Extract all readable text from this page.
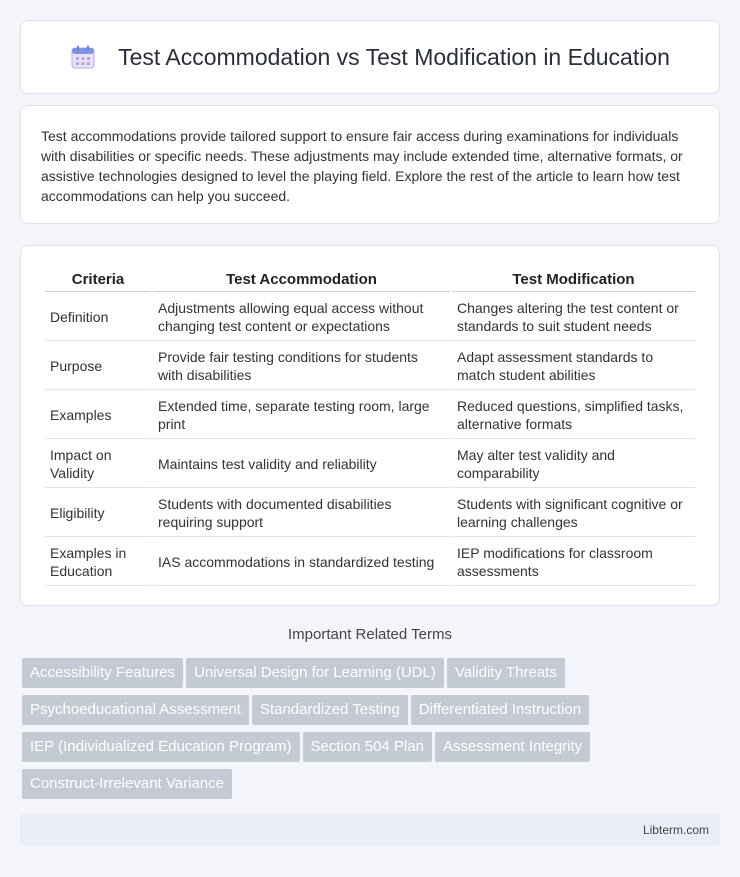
Test Accommodation vs Test Modification in Education

Test accommodations provide tailored support to ensure fair access during examinations for individuals with disabilities or specific needs. These adjustments may include extended time, alternative formats, or assistive technologies designed to level the playing field. Explore the rest of the article to learn how test accommodations can help you succeed.

Criteria	Test Accommodation	Test Modification
Definition	Adjustments allowing equal access without changing test content or expectations	Changes altering the test content or standards to suit student needs
Purpose	Provide fair testing conditions for students with disabilities	Adapt assessment standards to match student abilities
Examples	Extended time, separate testing room, large print	Reduced questions, simplified tasks, alternative formats
Impact on Validity	Maintains test validity and reliability	May alter test validity and comparability
Eligibility	Students with documented disabilities requiring support	Students with significant cognitive or learning challenges
Examples in Education	IAS accommodations in standardized testing	IEP modifications for classroom assessments
Important Related Terms
Accessibility Features Universal Design for Learning (UDL) Validity Threats
Psychoeducational Assessment Standardized Testing Differentiated Instruction
IEP (Individualized Education Program) Section 504 Plan Assessment Integrity
Construct-Irrelevant Variance
Libterm.com
